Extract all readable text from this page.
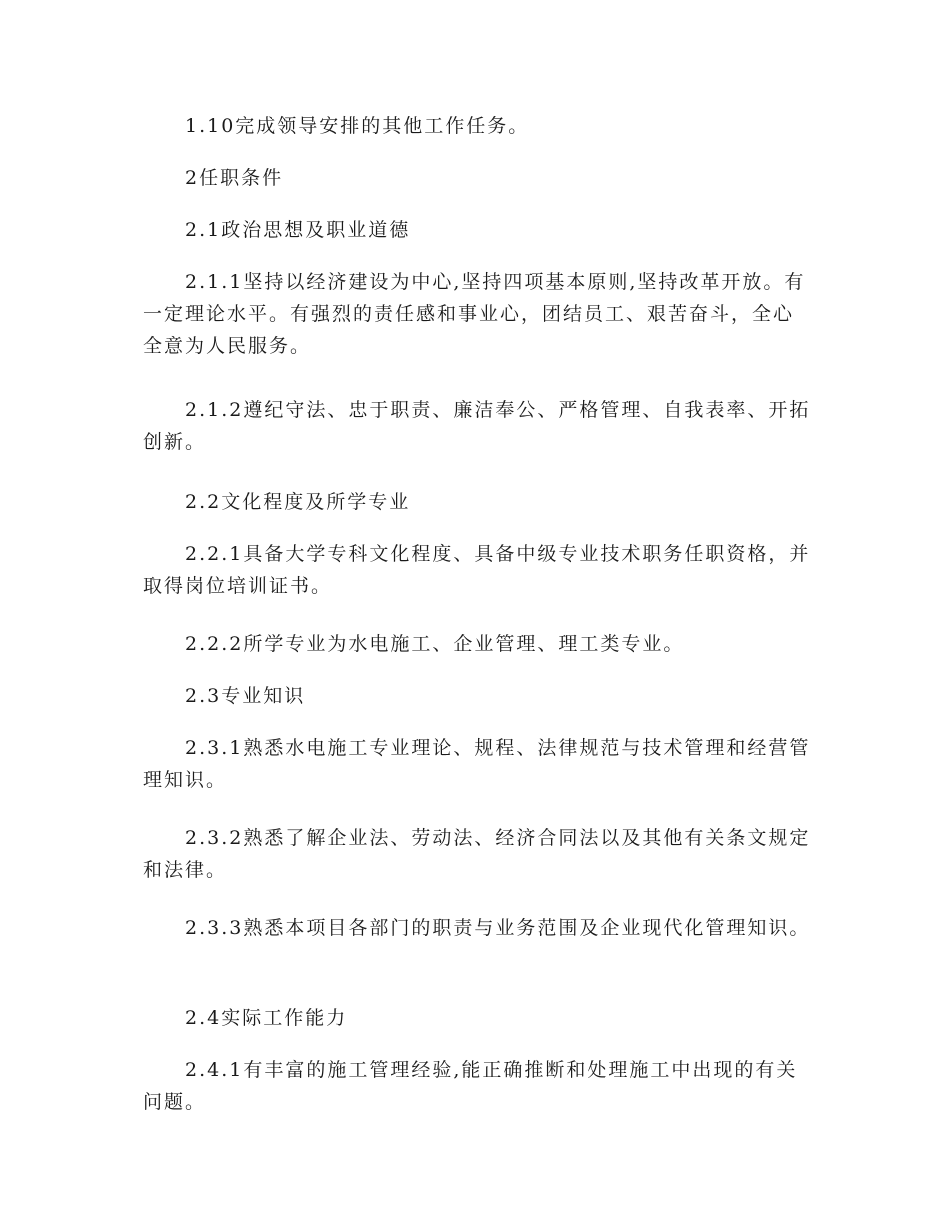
1.10完成领导安排的其他工作任务。

2任职条件

2.1政治思想及职业道德

2.1.1坚持以经济建设为中心,坚持四项基本原则,坚持改革开放。有一定理论水平。有强烈的责任感和事业心，团结员工、艰苦奋斗，全心全意为人民服务。

2.1.2遵纪守法、忠于职责、廉洁奉公、严格管理、自我表率、开拓创新。

2.2文化程度及所学专业

2.2.1具备大学专科文化程度、具备中级专业技术职务任职资格，并取得岗位培训证书。

2.2.2所学专业为水电施工、企业管理、理工类专业。

2.3专业知识

2.3.1熟悉水电施工专业理论、规程、法律规范与技术管理和经营管理知识。

2.3.2熟悉了解企业法、劳动法、经济合同法以及其他有关条文规定和法律。

2.3.3熟悉本项目各部门的职责与业务范围及企业现代化管理知识。

2.4实际工作能力

2.4.1有丰富的施工管理经验,能正确推断和处理施工中出现的有关问题。
